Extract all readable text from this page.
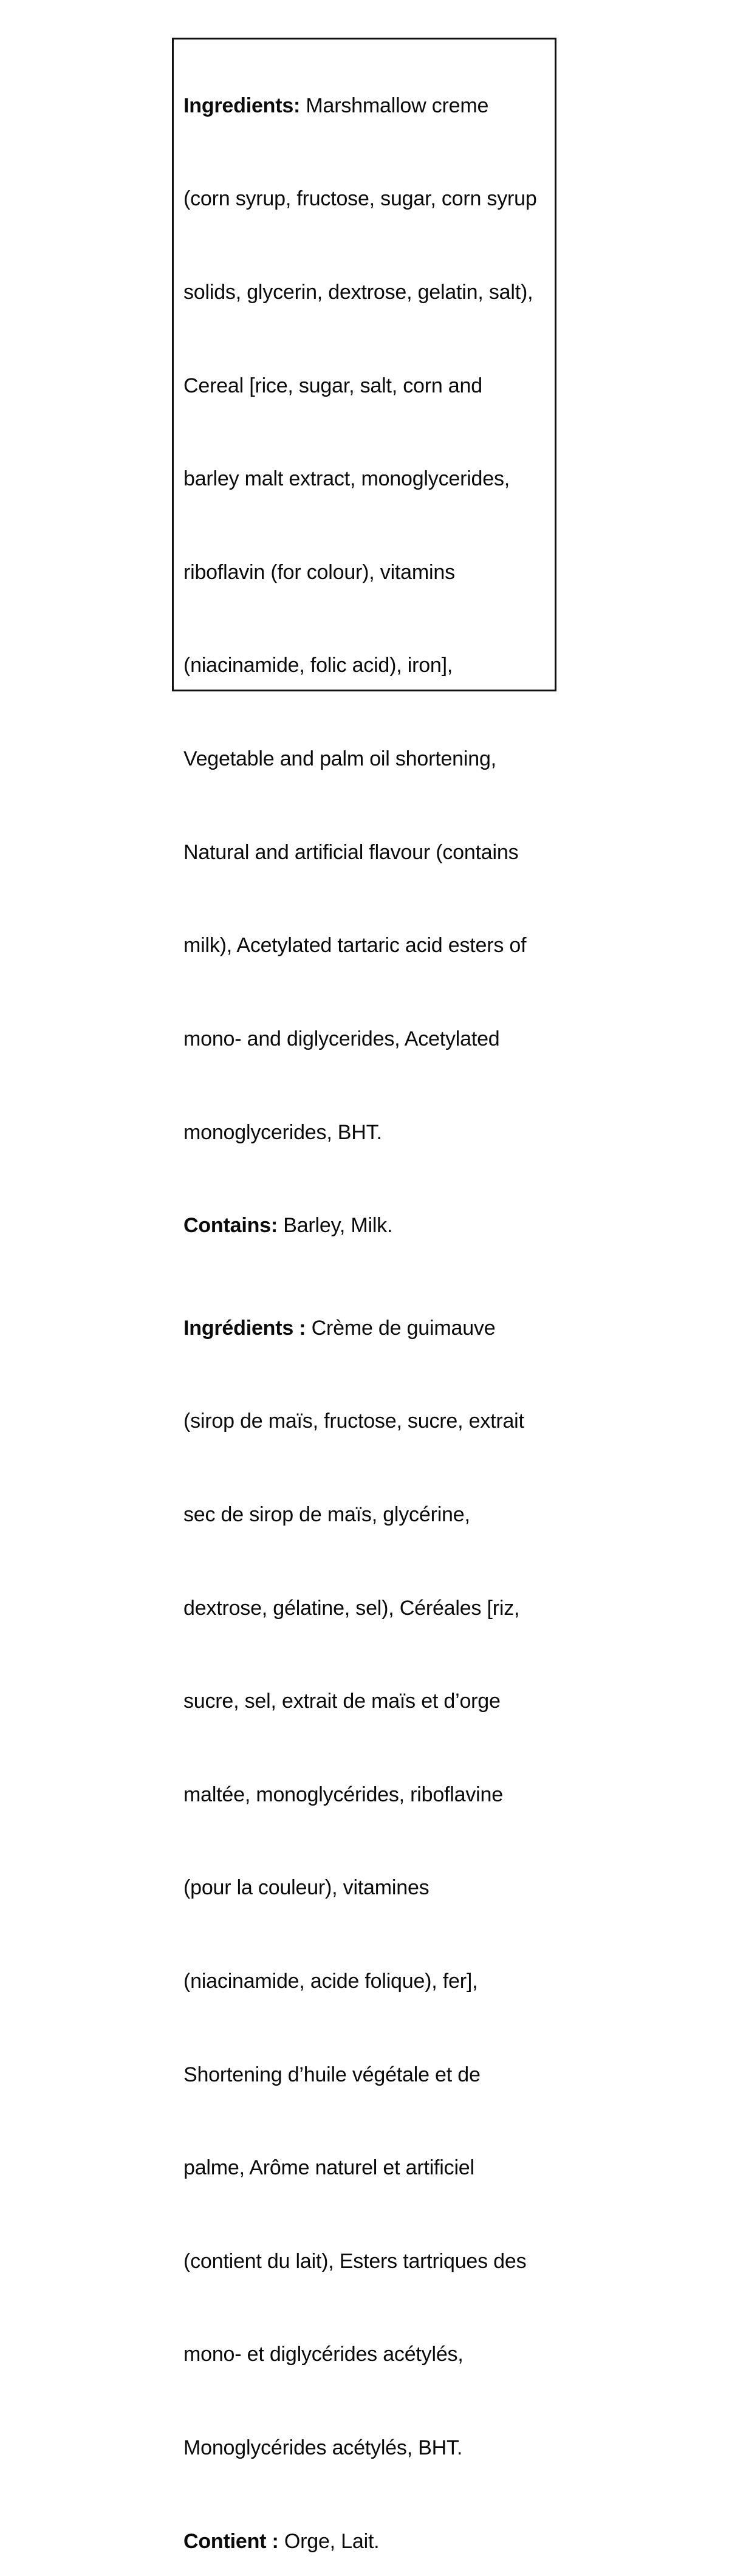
Ingredients: Marshmallow creme

(corn syrup, fructose, sugar, corn syrup

solids, glycerin, dextrose, gelatin, salt),

Cereal [rice, sugar, salt, corn and

barley malt extract, monoglycerides,

riboflavin (for colour), vitamins

(niacinamide, folic acid), iron],

Vegetable and palm oil shortening,

Natural and artificial flavour (contains

milk), Acetylated tartaric acid esters of

mono- and diglycerides, Acetylated

monoglycerides, BHT.

Contains: Barley, Milk.

Ingrédients : Crème de guimauve

(sirop de maïs, fructose, sucre, extrait

sec de sirop de maïs, glycérine,

dextrose, gélatine, sel), Céréales [riz,

sucre, sel, extrait de maïs et d’orge

maltée, monoglycérides, riboflavine

(pour la couleur), vitamines

(niacinamide, acide folique), fer],

Shortening d’huile végétale et de

palme, Arôme naturel et artificiel

(contient du lait), Esters tartriques des

mono- et diglycérides acétylés,

Monoglycérides acétylés, BHT.

Contient : Orge, Lait.
